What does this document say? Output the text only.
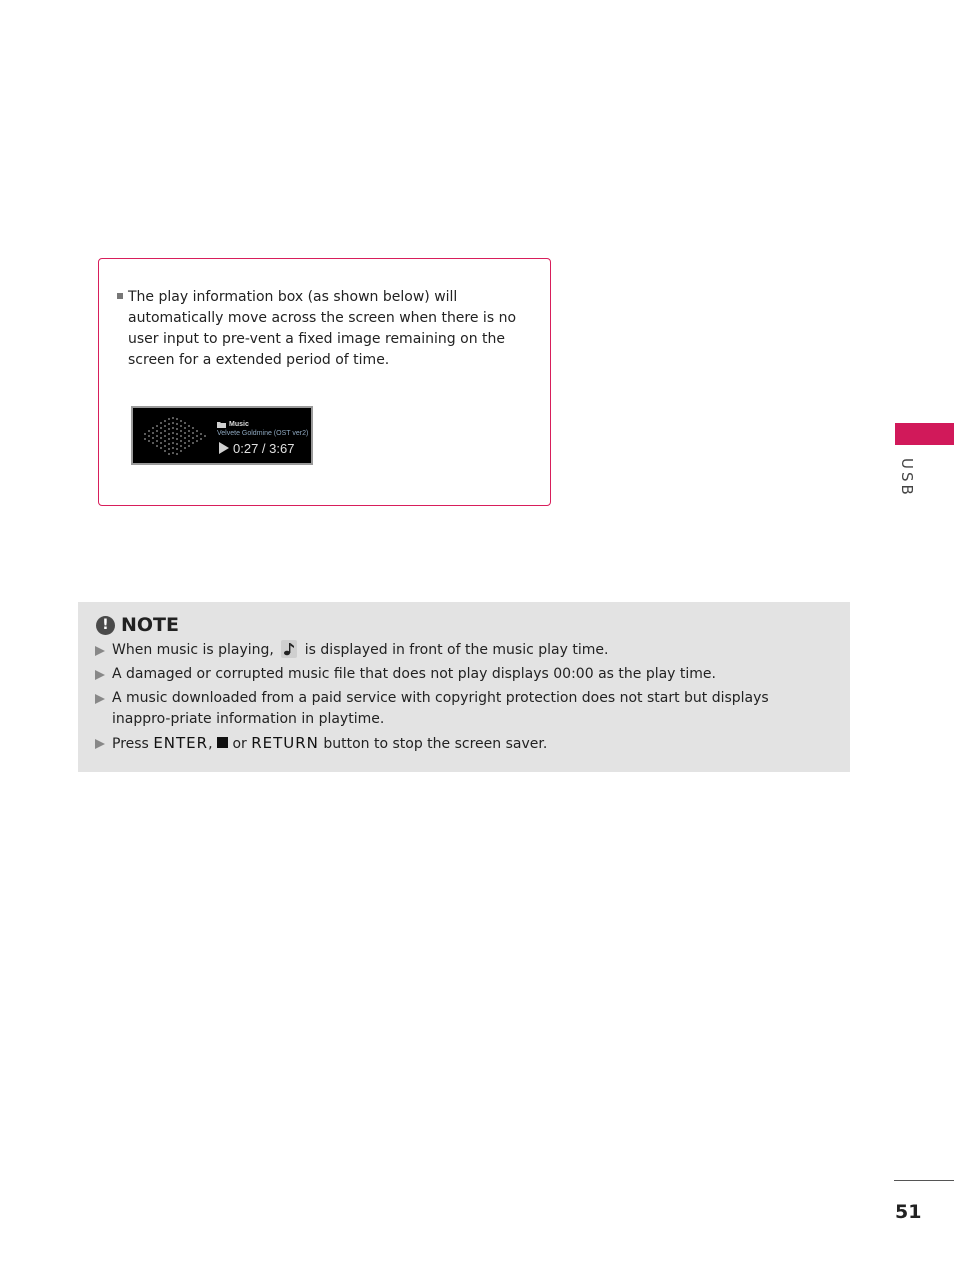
The play information box (as shown below) will automatically move across the screen when there is no user input to pre-vent a fixed image remaining on the screen for a extended period of time.
Music
Velvete Goldmine (OST ver2)
0:27 / 3:67
USB
! NOTE
When music is playing, is displayed in front of the music play time.
A damaged or corrupted music file that does not play displays 00:00 as the play time.
A music downloaded from a paid service with copyright protection does not start but displays inappro-priate information in playtime.
Press ENTER, or RETURN button to stop the screen saver.
51
